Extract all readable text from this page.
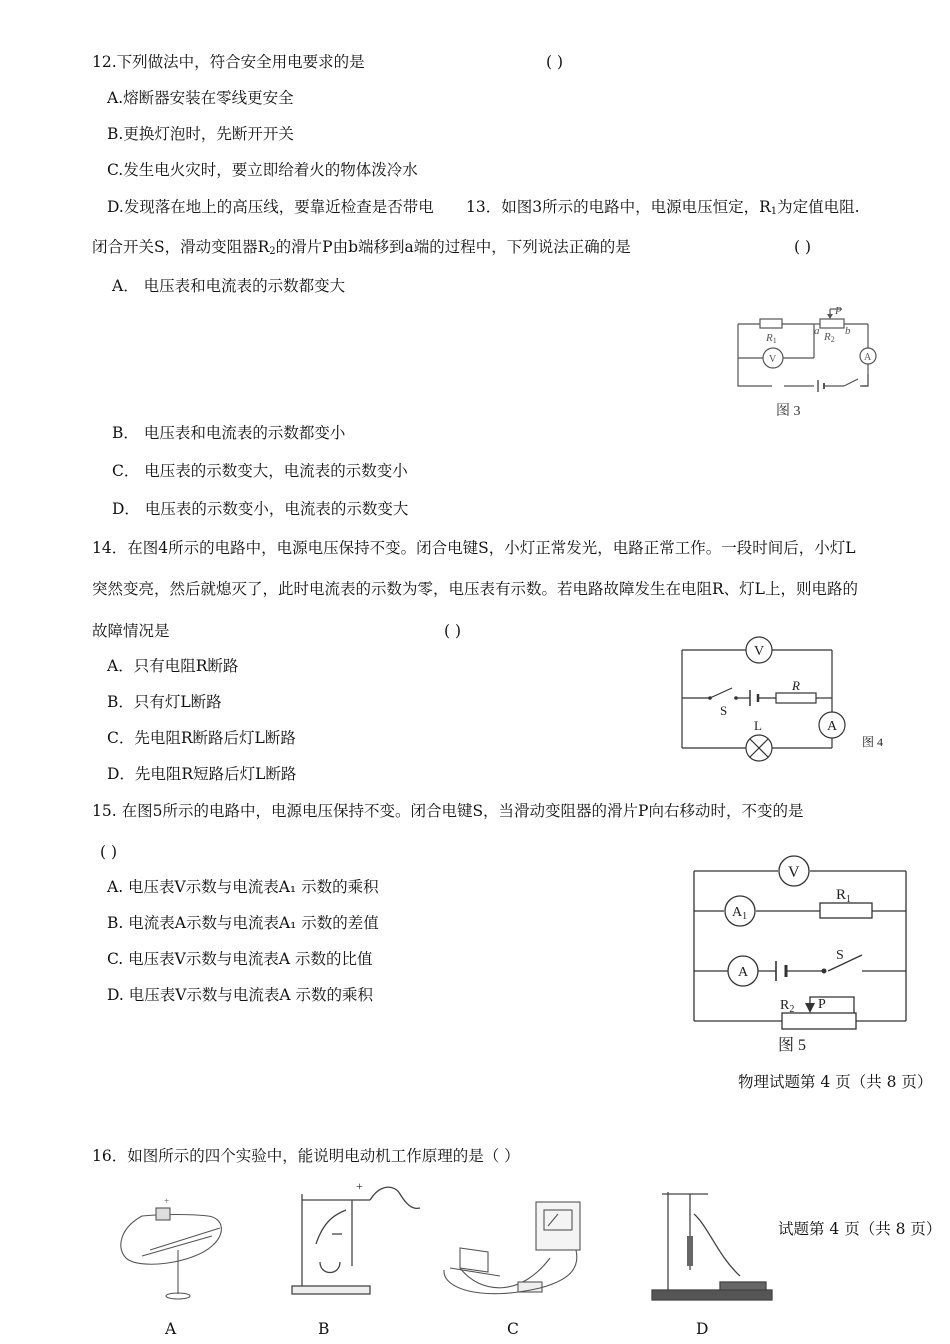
12.下列做法中，符合安全用电要求的是	( )
A.熔断器安装在零线更安全
B.更换灯泡时，先断开开关
C.发生电火灾时，要立即给着火的物体泼冷水
D.发现落在地上的高压线，要靠近检查是否带电 13．如图3所示的电路中，电源电压恒定，$R_1$为定值电阻.
闭合开关S，滑动变阻器$R_2$的滑片P由b端移到a端的过程中，下列说法正确的是	( )
A． 电压表和电流表的示数都变大
R1	R2
P
a b
V	A
图 3
B． 电压表和电流表的示数都变小
C． 电压表的示数变大，电流表的示数变小
D． 电压表的示数变小，电流表的示数变大
14．在图4所示的电路中，电源电压保持不变。闭合电键S，小灯正常发光，电路正常工作。一段时间后，小灯L
突然变亮，然后就熄灭了，此时电流表的示数为零，电压表有示数。若电路故障发生在电阻R、灯L上，则电路的
故障情况是	( )
A．只有电阻R断路
B．只有灯L断路
C．先电阻R断路后灯L断路
D．先电阻R短路后灯L断路
V
A
S
R
L
图 4
15. 在图5所示的电路中，电源电压保持不变。闭合电键S，当滑动变阻器的滑片P向右移动时，不变的是
( )
A. 电压表V示数与电流表A₁ 示数的乘积
B. 电流表A示数与电流表A₁ 示数的差值
C. 电压表V示数与电流表A 示数的比值
D. 电压表V示数与电流表A 示数的乘积
V
$A_1$
$R_1$
A
S
$R_2$ P
图 5
物理试题第 4 页（共 8 页）
16．如图所示的四个实验中，能说明电动机工作原理的是（ ）
试题第 4 页（共 8 页）
+
+
A	B	C	D
